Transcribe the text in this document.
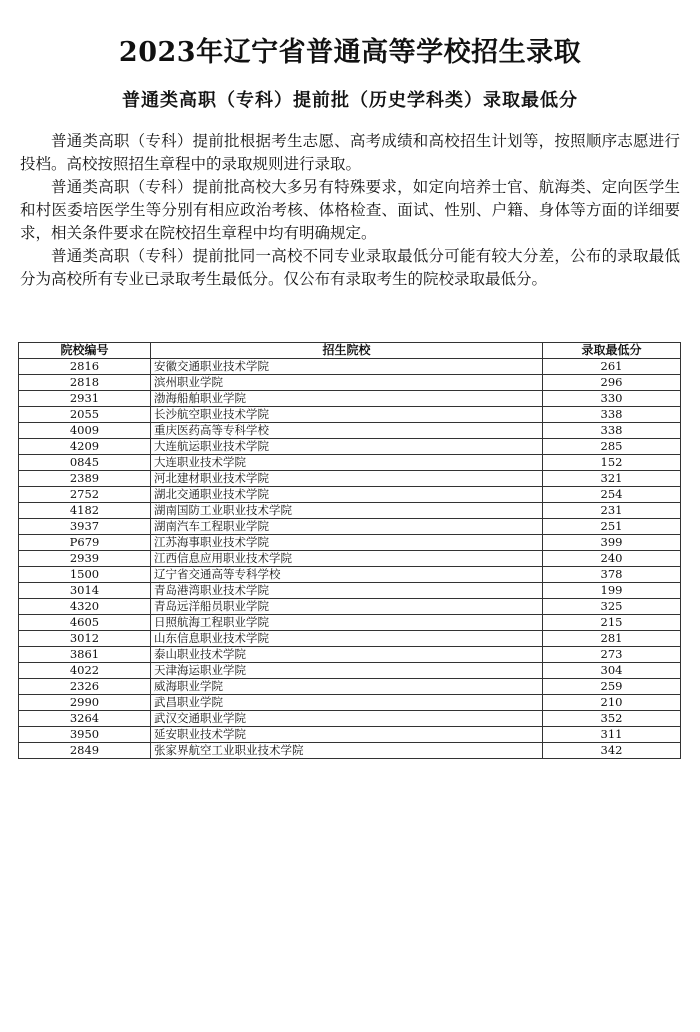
2023年辽宁省普通高等学校招生录取
普通类高职（专科）提前批（历史学科类）录取最低分

普通类高职（专科）提前批根据考生志愿、高考成绩和高校招生计划等，按照顺序志愿进行投档。高校按照招生章程中的录取规则进行录取。

普通类高职（专科）提前批高校大多另有特殊要求，如定向培养士官、航海类、定向医学生和村医委培医学生等分别有相应政治考核、体格检查、面试、性别、户籍、身体等方面的详细要求，相关条件要求在院校招生章程中均有明确规定。

普通类高职（专科）提前批同一高校不同专业录取最低分可能有较大分差，公布的录取最低分为高校所有专业已录取考生最低分。仅公布有录取考生的院校录取最低分。

院校编号	招生院校	录取最低分
2816	安徽交通职业技术学院	261
2818	滨州职业学院	296
2931	渤海船舶职业学院	330
2055	长沙航空职业技术学院	338
4009	重庆医药高等专科学校	338
4209	大连航运职业技术学院	285
0845	大连职业技术学院	152
2389	河北建材职业技术学院	321
2752	湖北交通职业技术学院	254
4182	湖南国防工业职业技术学院	231
3937	湖南汽车工程职业学院	251
P679	江苏海事职业技术学院	399
2939	江西信息应用职业技术学院	240
1500	辽宁省交通高等专科学校	378
3014	青岛港湾职业技术学院	199
4320	青岛远洋船员职业学院	325
4605	日照航海工程职业学院	215
3012	山东信息职业技术学院	281
3861	泰山职业技术学院	273
4022	天津海运职业学院	304
2326	威海职业学院	259
2990	武昌职业学院	210
3264	武汉交通职业学院	352
3950	延安职业技术学院	311
2849	张家界航空工业职业技术学院	342
